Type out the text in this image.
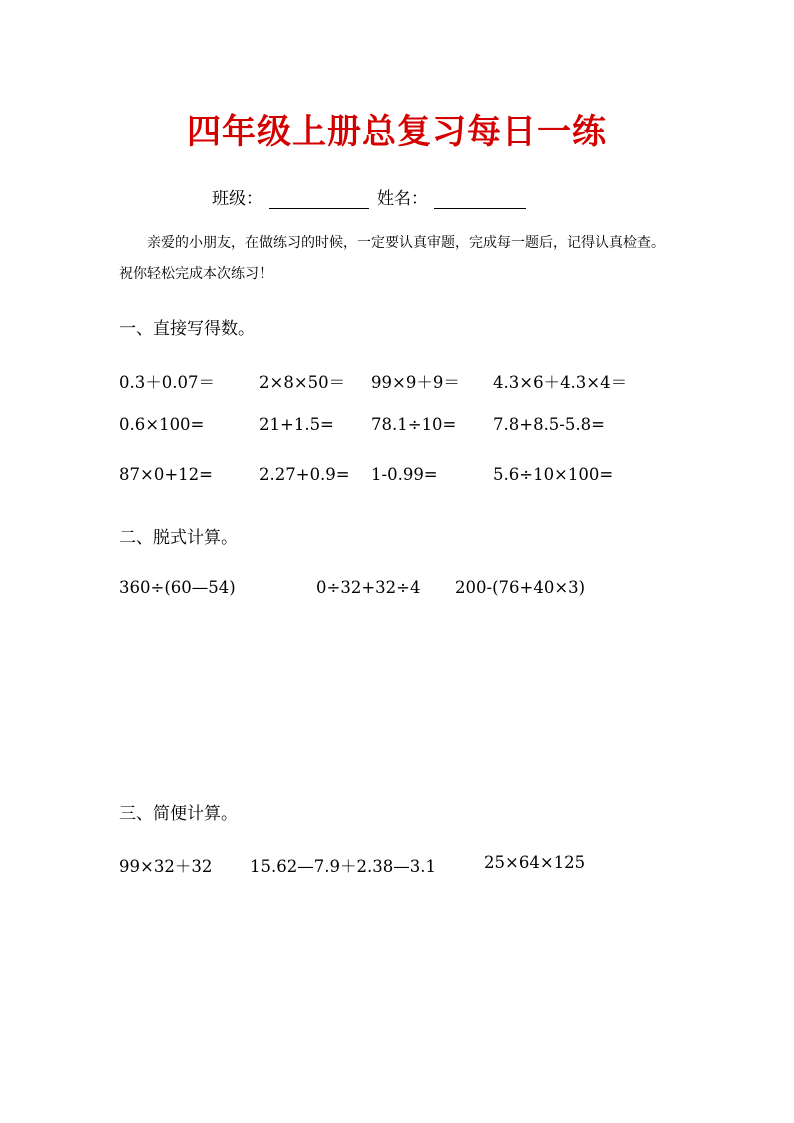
四年级上册总复习每日一练
班级：	姓名：
亲爱的小朋友，在做练习的时候，一定要认真审题，完成每一题后，记得认真检查。
祝你轻松完成本次练习！
一、直接写得数。
0.3＋0.07＝	2×8×50＝ 99×9＋9＝ 4.3×6＋4.3×4＝
0.6×100=	21+1.5= 78.1÷10= 7.8+8.5-5.8=
87×0+12=	2.27+0.9= 1-0.99=	5.6÷10×100=
二、脱式计算。
360÷(60—54)	0÷32+32÷4 200-(76+40×3)
三、简便计算。
99×32＋32 15.62—7.9＋2.38—3.1	25×64×125
